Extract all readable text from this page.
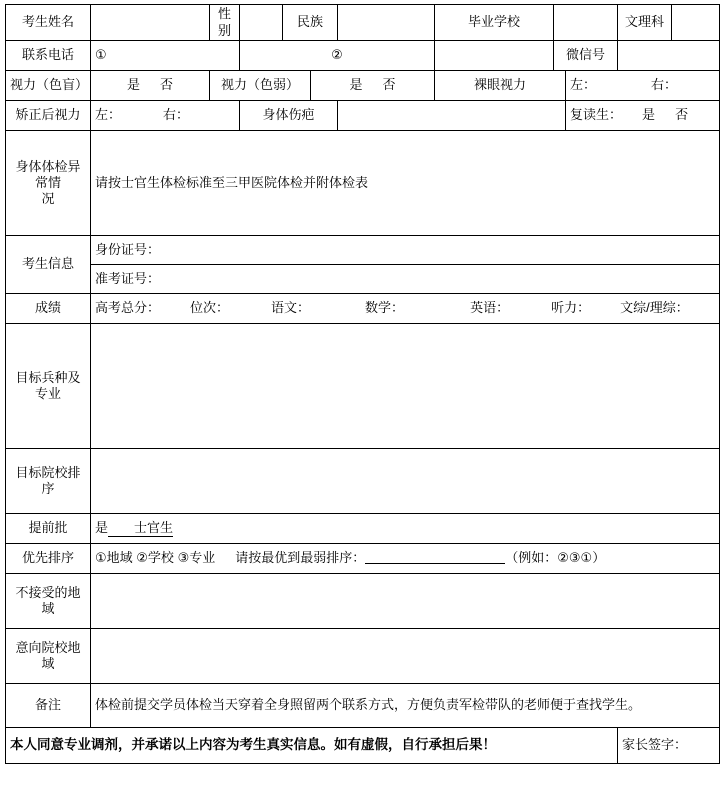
考生姓名		性别		民族			毕业学校			文理科	
联系电话	①		②					微信号			
视力（色盲）	是 否	视力（色弱）			是 否		裸眼视力		左： 右：		
矫正后视力	左： 右：		身体伤疤						复读生： 是 否		

身体体检异常情
况	请按士官生体检标准至三甲医院体检并附体检表										
考生信息	身份证号：										
	准考证号：										
成绩	高考总分： 位次： 语文： 数学： 英语： 听力： 文综/理综：										
目标兵种及专业											
目标院校排序											
提前批	是 士官生										
优先排序	①地域 ②学校 ③专业 请按最优到最弱排序： （例如：②③①）										
不接受的地域											
意向院校地域											
备注	体检前提交学员体检当天穿着全身照留两个联系方式，方便负责军检带队的老师便于查找学生。										
本人同意专业调剂，并承诺以上内容为考生真实信息。如有虚假，自行承担后果！										家长签字：	
